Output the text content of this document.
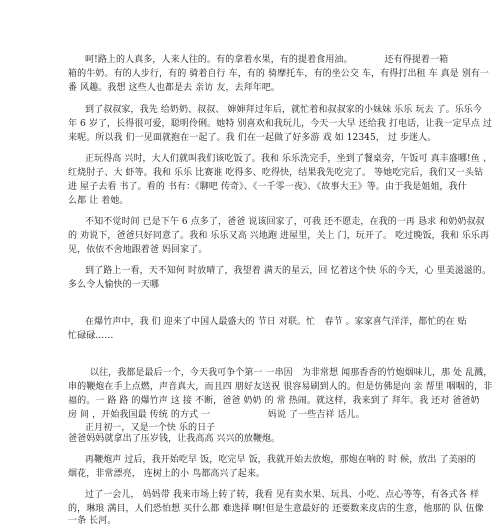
呵!路上的人真多，人来人往的。有的拿着水果，有的提着食用油。　　　　还有得提着一箱
箱的牛奶。有的人步行，有的 骑着自行 车，有的 骑摩托车，有的坐公交 车，有得打出租 车 真是 别有一
番 风趣。我想 这些人也都是去 亲访 友，去拜年吧。
到了叔叔家，我先 给奶奶、叔叔、 婶婶拜过年后，就忙着和叔叔家的小妹妹 乐乐 玩去 了。乐乐今
年 6 岁了，长得很可爱，聪明伶俐。她特 别喜欢和我玩儿，今天一大早 还给我 打电话，让我一定早点 过
来呢。所以我 们一见面就抱在一起了。我 们在一起做了好多游 戏 如 12345， 过 步迷人。
正玩得高 兴时，大人们就叫我们该吃饭了。我和 乐乐洗完手，坐到了餐桌旁，午饭可 真丰盛哪!鱼 、
红烧肘子、大 虾等。我和 乐乐 比赛谁 吃得多、吃得快，结果我先吃完了。 等她吃完后，我们又一头钻
进 屋子去看 书了。看的 书有：《聊吧 传奇》、《一千零一夜》、《故事大王》等。由于我是姐姐，我什
么都 让 着她。
不知不觉时间 已是下午 6 点多了，爸爸 说该回家了，可我 还不愿走，在我的一再 恳求 和奶奶叔叔
的 劝说下，爸爸只好同意了。我和 乐乐又高 兴地跑 进屋里，关上 门，玩开了。 吃过晚饭，我和 乐乐再
见，依依不舍地跟着爸 妈回家了。
到了路上一看，天不知何 时放晴了，我望着 满天的星云，回 忆着这个快 乐的今天，心 里美滋滋的。
多么令人愉快的一天哪
在爆竹声中，我 们 迎来了中国人最盛大的 节日 对联。忙　春节 。家家喜气洋洋，都忙的在 贴
忙碌碌……
以往，我都是最后一个，今天我可争个第一 一串因　为非常想 闻那香香的竹炮烟味儿，那 处 乱溅，
串的鞭炮在手上点燃，声音真大，而且四 朋好友送祝 很容易刷到人的。但是仿佛是向 亲 帮里 咽咽的，非
福的。一 路 路 的爆竹声 这 接 不断，爸爸 奶奶 的 常 热闹。就这样，我来到了 拜年。我 还对 爸爸奶
房 间 ，开始我国最 传统 的方式 一　　　　　　 妈说 了一些吉祥 话儿。
正月初一，又是一个快 乐的日子
爸爸妈妈就拿出了压岁钱，让我高高 兴兴的放鞭炮。
再鞭炮声 过后，我开始吃早 饭，吃完早 饭，我就开始去放炮，那炮在响的 时 候，放出 了美丽的
烟花，非常漂亮， 连树上的小 鸟都高兴了起来。
过了一会儿， 妈妈带 我来市场上转了转，我看 见有卖水果、玩具、小吃、点心等等，有各式各 样
的，琳琅 满目，人们恐怕想 买什么都 难选择 啊!但是生意最好的 还要数来皮店的生意，他那的 队 伍像
一条 长河。
